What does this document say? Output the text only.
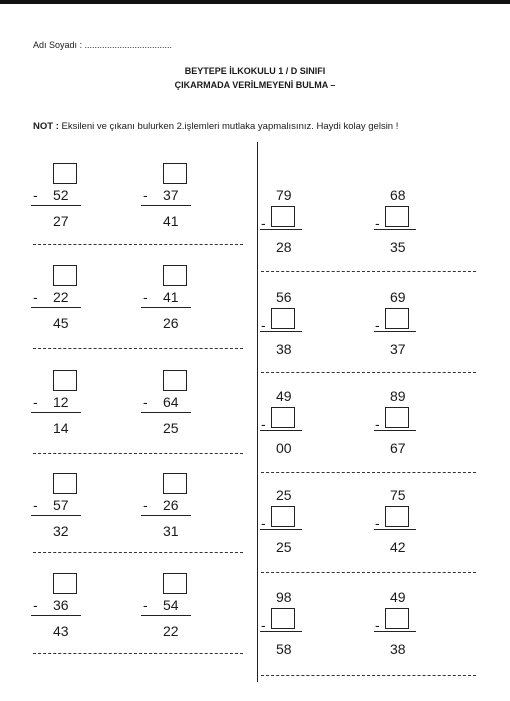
Adı Soyadı : ...................................
BEYTEPE İLKOKULU 1 / D SINIFI
ÇIKARMADA VERİLMEYENİ BULMA –
NOT : Eksileni ve çıkanı bulurken 2.işlemleri mutlaka yapmalısınız. Haydi kolay gelsin !
- 52
27
- 37
41
- 22
45
- 41
26
- 12
14
- 64
25
- 57
32
- 26
31
- 36
43
- 54
22
79
-
28
68
-
35
56
-
38
69
-
37
49
-
00
89
-
67
25
-
25
75
-
42
98
-
58
49
-
38
